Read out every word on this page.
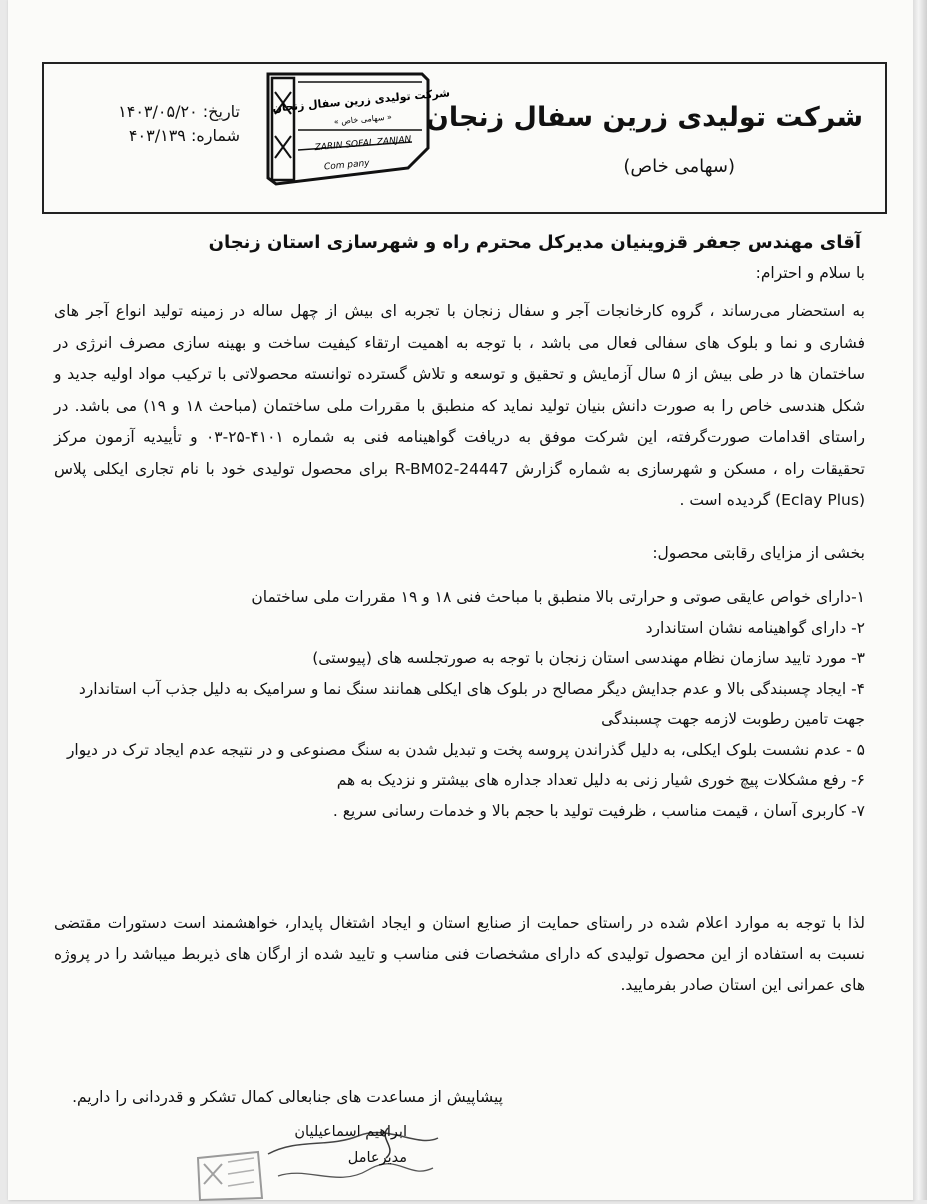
شرکت تولیدی زرین سفال زنجان
(سهامی خاص)
شرکت تولیدی زرین سفال زنجان
« سهامی خاص »
ZARIN SOFAL ZANJAN
Com pany
تاریخ: ۱۴۰۳/۰۵/۲۰
شماره: ۴۰۳/۱۳۹
آقای مهندس جعفر قزوینیان مدیرکل محترم راه و شهرسازی استان زنجان
با سلام و احترام:
به استحضار می‌رساند ، گروه کارخانجات آجر و سفال زنجان با تجربه ای بیش از چهل ساله در زمینه تولید انواع آجر های فشاری و نما و بلوک های سفالی فعال می باشد ، با توجه به اهمیت ارتقاء کیفیت ساخت و بهینه سازی مصرف انرژی در ساختمان ها در طی بیش از ۵ سال آزمایش و تحقیق و توسعه و تلاش گسترده توانسته محصولاتی با ترکیب مواد اولیه جدید و شکل هندسی خاص را به صورت دانش بنیان تولید نماید که منطبق با مقررات ملی ساختمان (مباحث ۱۸ و ۱۹) می باشد. در راستای اقدامات صورت‌گرفته، این شرکت موفق به دریافت گواهینامه فنی به شماره ۴۱۰۱-۲۵-۰۳ و تأییدیه آزمون مرکز تحقیقات راه ، مسکن و شهرسازی به شماره گزارش R-BM02-24447 برای محصول تولیدی خود با نام تجاری ایکلی پلاس (Eclay Plus) گردیده است .
بخشی از مزایای رقابتی محصول:
۱-دارای خواص عایقی صوتی و حرارتی بالا منطبق با مباحث فنی ۱۸ و ۱۹ مقررات ملی ساختمان
۲- دارای گواهینامه نشان استاندارد
۳- مورد تایید سازمان نظام مهندسی استان زنجان با توجه به صورتجلسه های (پیوستی)
۴- ایجاد چسبندگی بالا و عدم جدایش دیگر مصالح در بلوک های ایکلی همانند سنگ نما و سرامیک به دلیل جذب آب استاندارد جهت تامین رطوبت لازمه جهت چسبندگی
۵ - عدم نشست بلوک ایکلی، به دلیل گذراندن پروسه پخت و تبدیل شدن به سنگ مصنوعی و در نتیجه عدم ایجاد ترک در دیوار
۶- رفع مشکلات پیچ خوری شیار زنی به دلیل تعداد جداره های بیشتر و نزدیک به هم
۷- کاربری آسان ، قیمت مناسب ، ظرفیت تولید با حجم بالا و خدمات رسانی سریع .
لذا با توجه به موارد اعلام شده در راستای حمایت از صنایع استان و ایجاد اشتغال پایدار، خواهشمند است دستورات مقتضی نسبت به استفاده از این محصول تولیدی که دارای مشخصات فنی مناسب و تایید شده از ارگان های ذیربط میباشد را در پروژه های عمرانی این استان صادر بفرمایید.
پیشاپیش از مساعدت های جنابعالی کمال تشکر و قدردانی را داریم.
ابراهیم اسماعیلیان
مدیرعامل
